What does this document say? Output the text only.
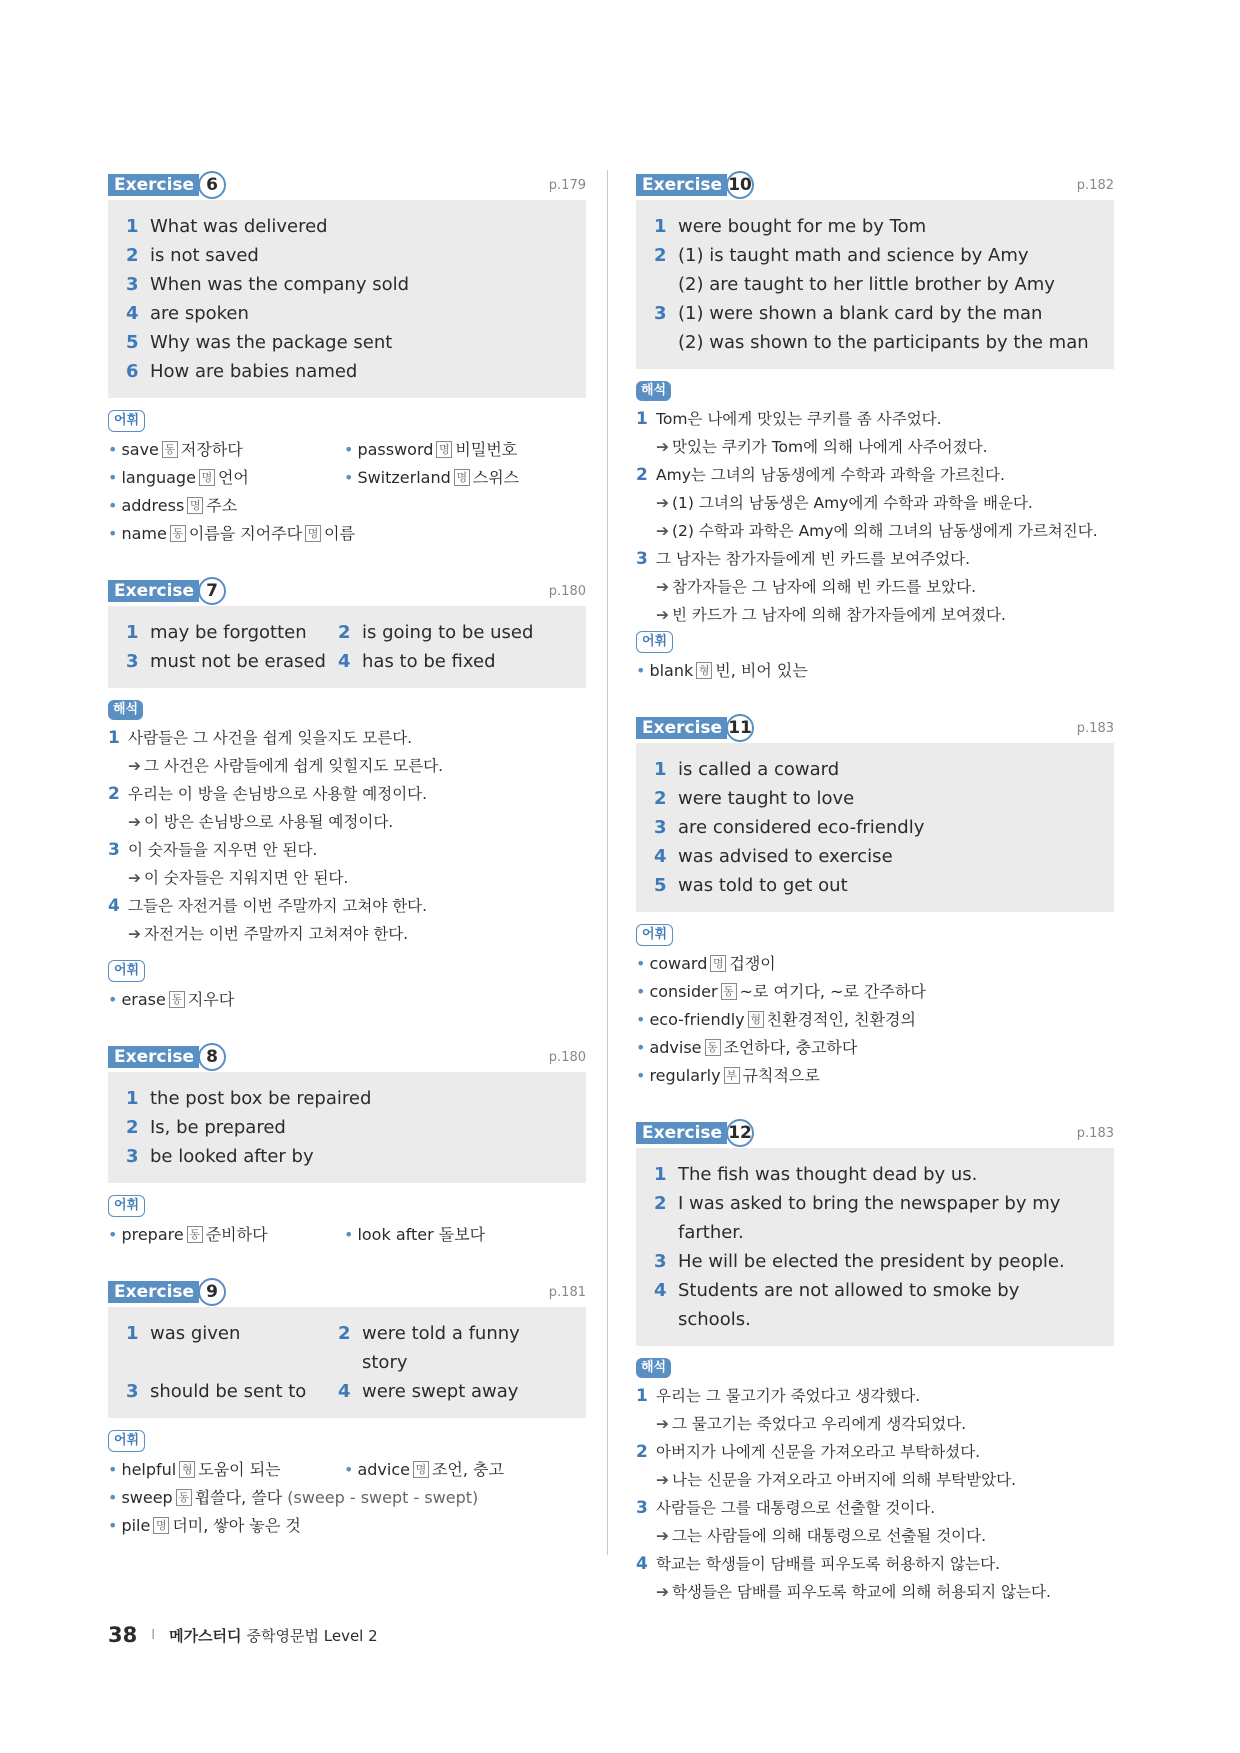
Exercise 6	p.179
1 What was delivered
2 is not saved
3 When was the company sold
4 are spoken
5 Why was the package sent
6 How are babies named
어휘
• save 동 저장하다	• password 명 비밀번호
• language 명 언어	• Switzerland 명 스위스
• address 명 주소
• name 동 이름을 지어주다 명 이름
Exercise 7	p.180
1 may be forgotten 2 is going to be used
3 must not be erased 4 has to be fixed
해석
1 사람들은 그 사건을 쉽게 잊을지도 모른다.
➔ 그 사건은 사람들에게 쉽게 잊힐지도 모른다.
2 우리는 이 방을 손님방으로 사용할 예정이다.
➔ 이 방은 손님방으로 사용될 예정이다.
3 이 숫자들을 지우면 안 된다.
➔ 이 숫자들은 지워지면 안 된다.
4 그들은 자전거를 이번 주말까지 고쳐야 한다.
➔ 자전거는 이번 주말까지 고쳐져야 한다.
어휘
• erase 동 지우다
Exercise 8	p.180
1 the post box be repaired
2 Is, be prepared
3 be looked after by
어휘
• prepare 동 준비하다	• look after 돌보다
Exercise 9	p.181
1 was given	2 were told a funny story
3 should be sent to 4 were swept away
어휘
• helpful 형 도움이 되는	• advice 명 조언, 충고
• sweep 동 휩쓸다, 쓸다 (sweep - swept - swept)
• pile 명 더미, 쌓아 놓은 것
Exercise 10	p.182
1 were bought for me by Tom
2 (1) is taught math and science by Amy
(2) are taught to her little brother by Amy
3 (1) were shown a blank card by the man
(2) was shown to the participants by the man
해석
1 Tom은 나에게 맛있는 쿠키를 좀 사주었다.
➔ 맛있는 쿠키가 Tom에 의해 나에게 사주어졌다.
2 Amy는 그녀의 남동생에게 수학과 과학을 가르친다.
➔ (1) 그녀의 남동생은 Amy에게 수학과 과학을 배운다.
➔ (2) 수학과 과학은 Amy에 의해 그녀의 남동생에게 가르쳐진다.
3 그 남자는 참가자들에게 빈 카드를 보여주었다.
➔ 참가자들은 그 남자에 의해 빈 카드를 보았다.
➔ 빈 카드가 그 남자에 의해 참가자들에게 보여졌다.
어휘
• blank 형 빈, 비어 있는
Exercise 11	p.183
1 is called a coward
2 were taught to love
3 are considered eco-friendly
4 was advised to exercise
5 was told to get out
어휘
• coward 명 겁쟁이
• consider 동 ~로 여기다, ~로 간주하다
• eco-friendly 형 친환경적인, 친환경의
• advise 동 조언하다, 충고하다
• regularly 부 규칙적으로
Exercise 12	p.183
1 The fish was thought dead by us.
2 I was asked to bring the newspaper by my farther.
3 He will be elected the president by people.
4 Students are not allowed to smoke by schools.
해석
1 우리는 그 물고기가 죽었다고 생각했다.
➔ 그 물고기는 죽었다고 우리에게 생각되었다.
2 아버지가 나에게 신문을 가져오라고 부탁하셨다.
➔ 나는 신문을 가져오라고 아버지에 의해 부탁받았다.
3 사람들은 그를 대통령으로 선출할 것이다.
➔ 그는 사람들에 의해 대통령으로 선출될 것이다.
4 학교는 학생들이 담배를 피우도록 허용하지 않는다.
➔ 학생들은 담배를 피우도록 학교에 의해 허용되지 않는다.
38 I 메가스터디 중학영문법 Level 2
